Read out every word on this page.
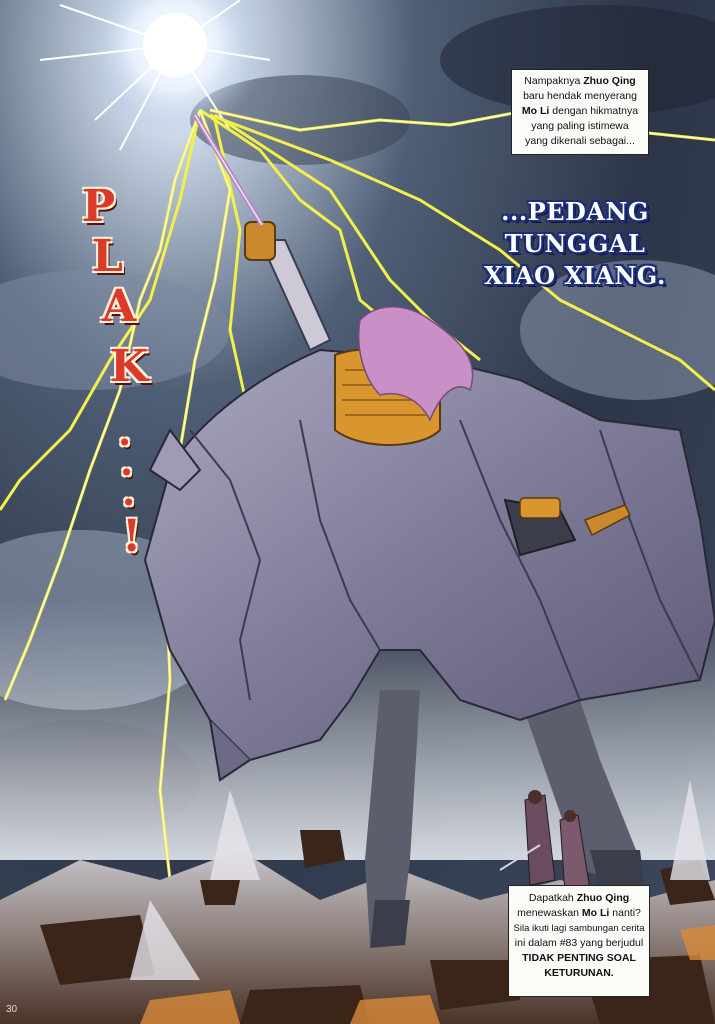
Nampaknya Zhuo Qing
baru hendak menyerang
Mo Li dengan hikmatnya
yang paling istimewa
yang dikenali sebagai...
...PEDANG
TUNGGAL
XIAO XIANG.
P
L
A
K
.
.
.
!
Dapatkah Zhuo Qing
menewaskan Mo Li nanti?
Sila ikuti lagi sambungan cerita
ini dalam #83 yang berjudul
TIDAK PENTING SOAL
KETURUNAN.
30
